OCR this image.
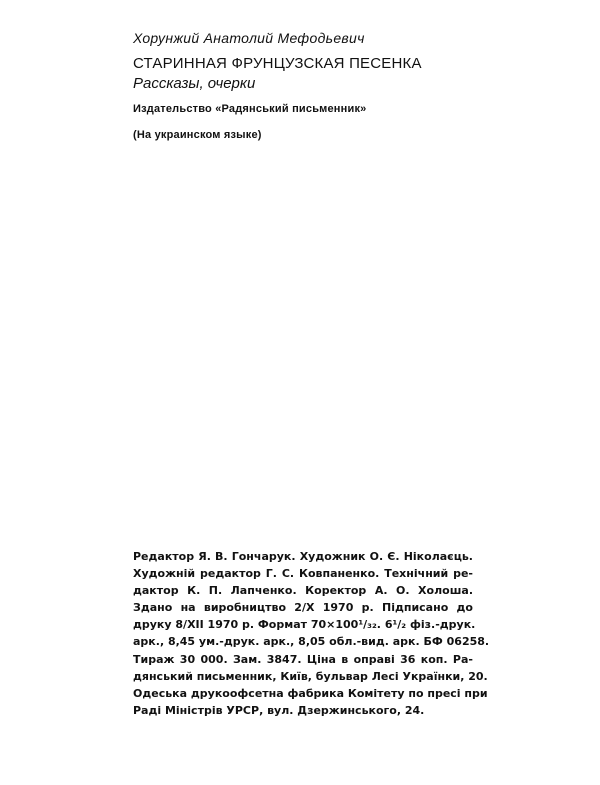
Хорунжий Анатолий Мефодьевич
СТАРИННАЯ ФРУНЦУЗСКАЯ ПЕСЕНКА
Рассказы, очерки
Издательство «Радянський письменник»
(На украинском языке)
Редактор Я. В. Гончарук. Художник О. Є. Ніколаєць.
Художній редактор Г. С. Ковпаненко. Технічний ре-
дактор К. П. Лапченко. Коректор А. О. Холоша.
Здано на виробництво 2/X 1970 р. Підписано до
друку 8/XII 1970 р. Формат 70×100¹/₃₂. 6¹/₂ фіз.-друк.
арк., 8,45 ум.-друк. арк., 8,05 обл.-вид. арк. БФ 06258.
Тираж 30 000. Зам. 3847. Ціна в оправі 36 коп. Ра-
дянський письменник, Київ, бульвар Лесі Українки, 20.
Одеська друкоофсетна фабрика Комітету по пресі при
Раді Міністрів УРСР, вул. Дзержинського, 24.
